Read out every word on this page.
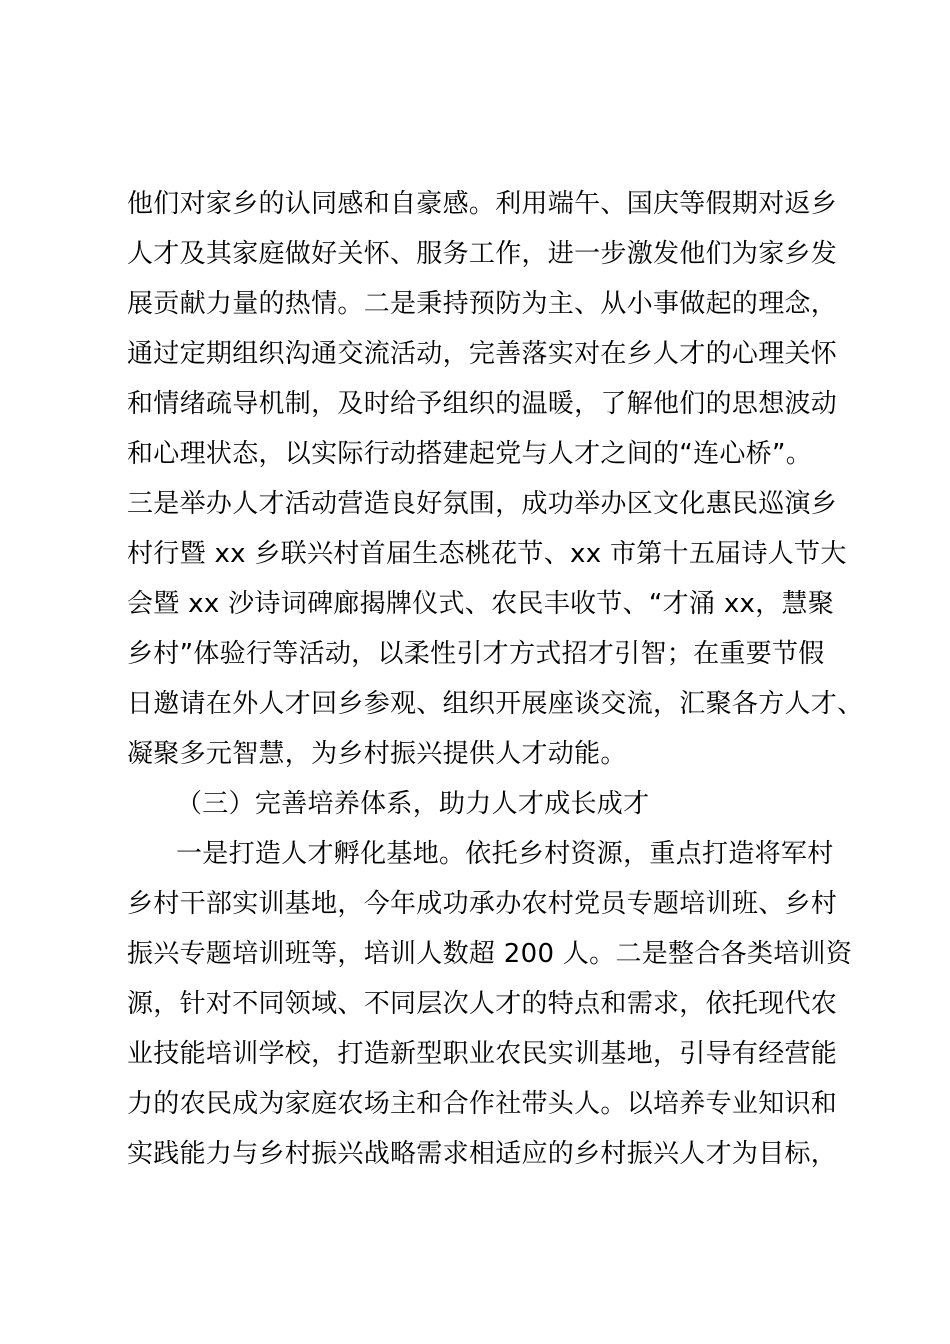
他们对家乡的认同感和自豪感。利用端午、国庆等假期对返乡
人才及其家庭做好关怀、服务工作，进一步激发他们为家乡发
展贡献力量的热情。二是秉持预防为主、从小事做起的理念，
通过定期组织沟通交流活动，完善落实对在乡人才的心理关怀
和情绪疏导机制，及时给予组织的温暖，了解他们的思想波动
和心理状态，以实际行动搭建起党与人才之间的“连心桥”。
三是举办人才活动营造良好氛围，成功举办区文化惠民巡演乡
村行暨 xx 乡联兴村首届生态桃花节、xx 市第十五届诗人节大
会暨 xx 沙诗词碑廊揭牌仪式、农民丰收节、“才涌 xx，慧聚
乡村”体验行等活动，以柔性引才方式招才引智；在重要节假
日邀请在外人才回乡参观、组织开展座谈交流，汇聚各方人才、
凝聚多元智慧，为乡村振兴提供人才动能。
（三）完善培养体系，助力人才成长成才
一是打造人才孵化基地。依托乡村资源，重点打造将军村
乡村干部实训基地，今年成功承办农村党员专题培训班、乡村
振兴专题培训班等，培训人数超 200 人。二是整合各类培训资
源，针对不同领域、不同层次人才的特点和需求，依托现代农
业技能培训学校，打造新型职业农民实训基地，引导有经营能
力的农民成为家庭农场主和合作社带头人。以培养专业知识和
实践能力与乡村振兴战略需求相适应的乡村振兴人才为目标，
